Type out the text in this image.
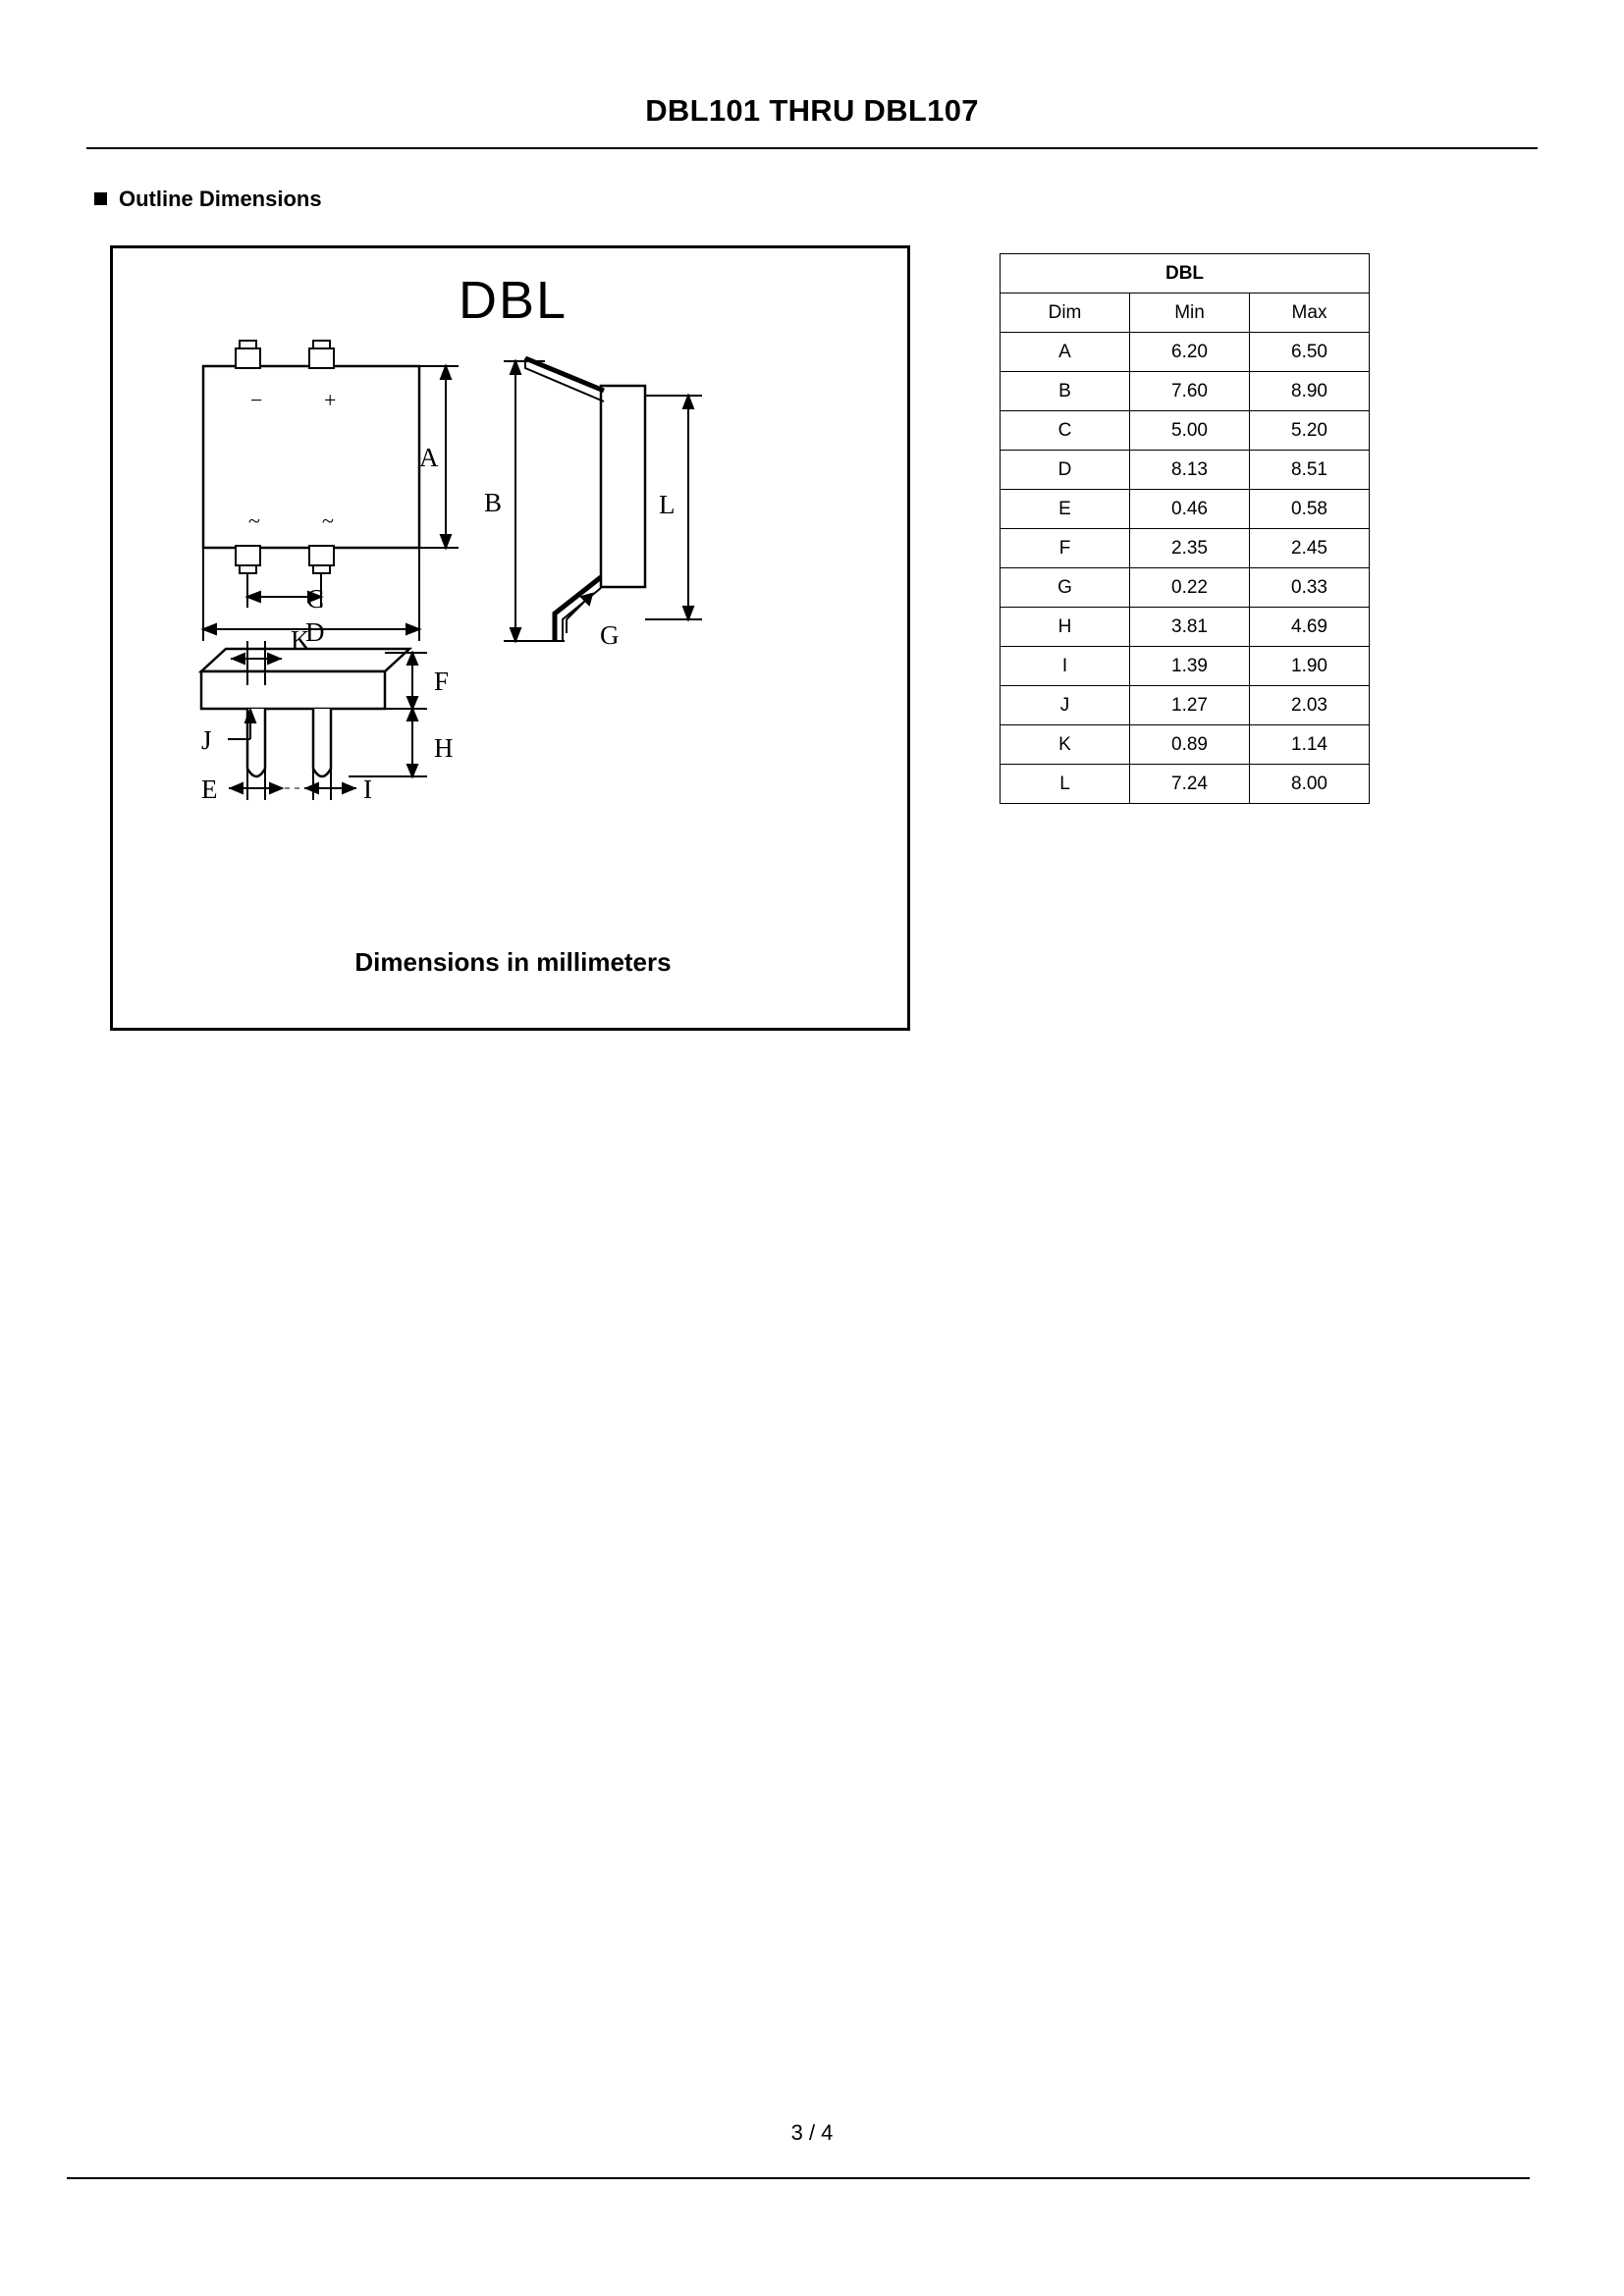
DBL101 THRU DBL107
Outline Dimensions
DBL
A
B
C
D
L
G
K
F
H
J
E	I
−	+
~	~
Dimensions in millimeters
DBL		
Dim	Min	Max
A	6.20	6.50
B	7.60	8.90
C	5.00	5.20
D	8.13	8.51
E	0.46	0.58
F	2.35	2.45
G	0.22	0.33
H	3.81	4.69
I	1.39	1.90
J	1.27	2.03
K	0.89	1.14
L	7.24	8.00
3 / 4
